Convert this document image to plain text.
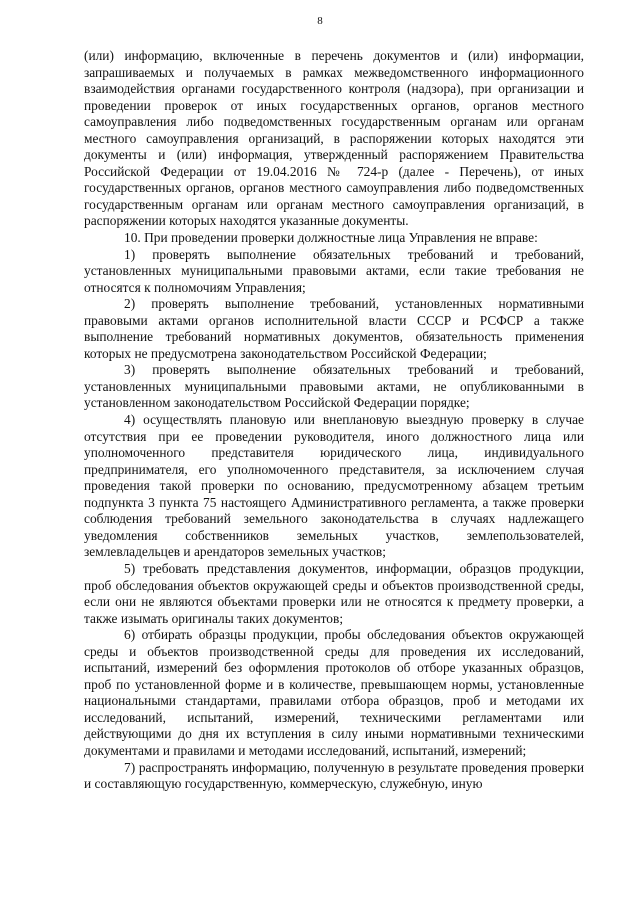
8

(или) информацию, включенные в перечень документов и (или) информации, запрашиваемых и получаемых в рамках межведомственного информационного взаимодействия органами государственного контроля (надзора), при организации и проведении проверок от иных государственных органов, органов местного самоуправления либо подведомственных государственным органам или органам местного самоуправления организаций, в распоряжении которых находятся эти документы и (или) информация, утвержденный распоряжением Правительства Российской Федерации от 19.04.2016 № 724-р (далее - Перечень), от иных государственных органов, органов местного самоуправления либо подведомственных государственным органам или органам местного самоуправления организаций, в распоряжении которых находятся указанные документы.

10. При проведении проверки должностные лица Управления не вправе:

1) проверять выполнение обязательных требований и требований, установленных муниципальными правовыми актами, если такие требования не относятся к полномочиям Управления;

2) проверять выполнение требований, установленных нормативными правовыми актами органов исполнительной власти СССР и РСФСР а также выполнение требований нормативных документов, обязательность применения которых не предусмотрена законодательством Российской Федерации;

3) проверять выполнение обязательных требований и требований, установленных муниципальными правовыми актами, не опубликованными в установленном законодательством Российской Федерации порядке;

4) осуществлять плановую или внеплановую выездную проверку в случае отсутствия при ее проведении руководителя, иного должностного лица или уполномоченного представителя юридического лица, индивидуального предпринимателя, его уполномоченного представителя, за исключением случая проведения такой проверки по основанию, предусмотренному абзацем третьим подпункта 3 пункта 75 настоящего Административного регламента, а также проверки соблюдения требований земельного законодательства в случаях надлежащего уведомления собственников земельных участков, землепользователей, землевладельцев и арендаторов земельных участков;

5) требовать представления документов, информации, образцов продукции, проб обследования объектов окружающей среды и объектов производственной среды, если они не являются объектами проверки или не относятся к предмету проверки, а также изымать оригиналы таких документов;

6) отбирать образцы продукции, пробы обследования объектов окружающей среды и объектов производственной среды для проведения их исследований, испытаний, измерений без оформления протоколов об отборе указанных образцов, проб по установленной форме и в количестве, превышающем нормы, установленные национальными стандартами, правилами отбора образцов, проб и методами их исследований, испытаний, измерений, техническими регламентами или действующими до дня их вступления в силу иными нормативными техническими документами и правилами и методами исследований, испытаний, измерений;

7) распространять информацию, полученную в результате проведения проверки и составляющую государственную, коммерческую, служебную, иную
